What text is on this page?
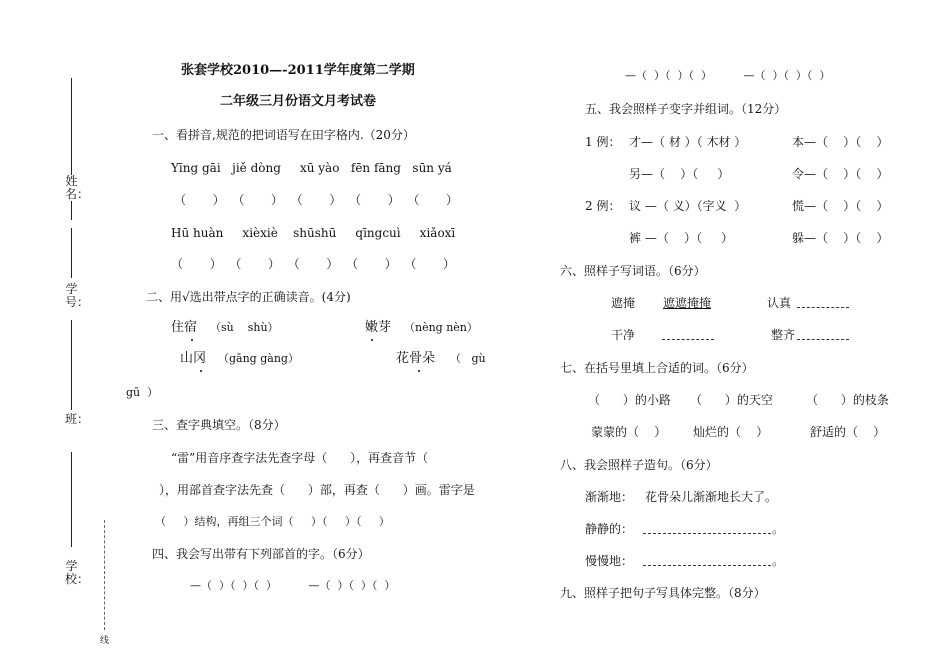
姓名：
学号：
班：
学校：
线
张套学校2010—-2011学年度第二学期
二年级三月份语文月考试卷
一、看拼音,规范的把词语写在田字格内.（20分）
Yīng gāi   jiě dòng     xū yào   fēn fāng   sūn yá
（       ）  （       ）  （       ）  （       ）  （       ）
Hū huàn     xièxiè    shūshū     qīngcuì     xiǎoxī
（       ）  （       ）  （       ）  （       ）  （       ）
二、用√选出带点字的正确读音。(4分)
住宿 （sù    shù）	嫩芽 （nèng nèn）
山冈 （gāng gàng）	花骨朵 （   gù
gū  ）
三、查字典填空。（8分）
“雷”用音序查字法先查字母（      ），再查音节（
），用部首查字法先查（      ）部，再查（      ）画。雷字是
（     ）结构，再组三个词（     ）（     ）（     ）
四、我会写出带有下列部首的字。（6分）
—（  ）（  ）（  ）         —（  ）（  ）（  ）
—（  ）（  ）（  ）         —（  ）（  ）（  ）
五、我会照样子变字并组词。（12分）
1 例： 才—（ 材 ）（ 木材 ）	本—（    ）（    ）
另—（    ）（     ）	令—（    ）（    ）
2 例： 议 —（ 义）（字义  ）	慌—（    ）（    ）
裤 —（    ）（     ）	躲—（    ）（    ）
六、照样子写词语。（6分）
遮掩 遮遮掩掩	认真
干净	整齐
七、在括号里填上合适的词。（6分）
（      ）的小路 （      ）的天空	（      ）的枝条
蒙蒙的（    ） 灿烂的（    ）	舒适的（    ）
八、我会照样子造句。（6分）
渐渐地： 花骨朵儿渐渐地长大了。
静静的：	。
慢慢地：	。
九、照样子把句子写具体完整。（8分）
